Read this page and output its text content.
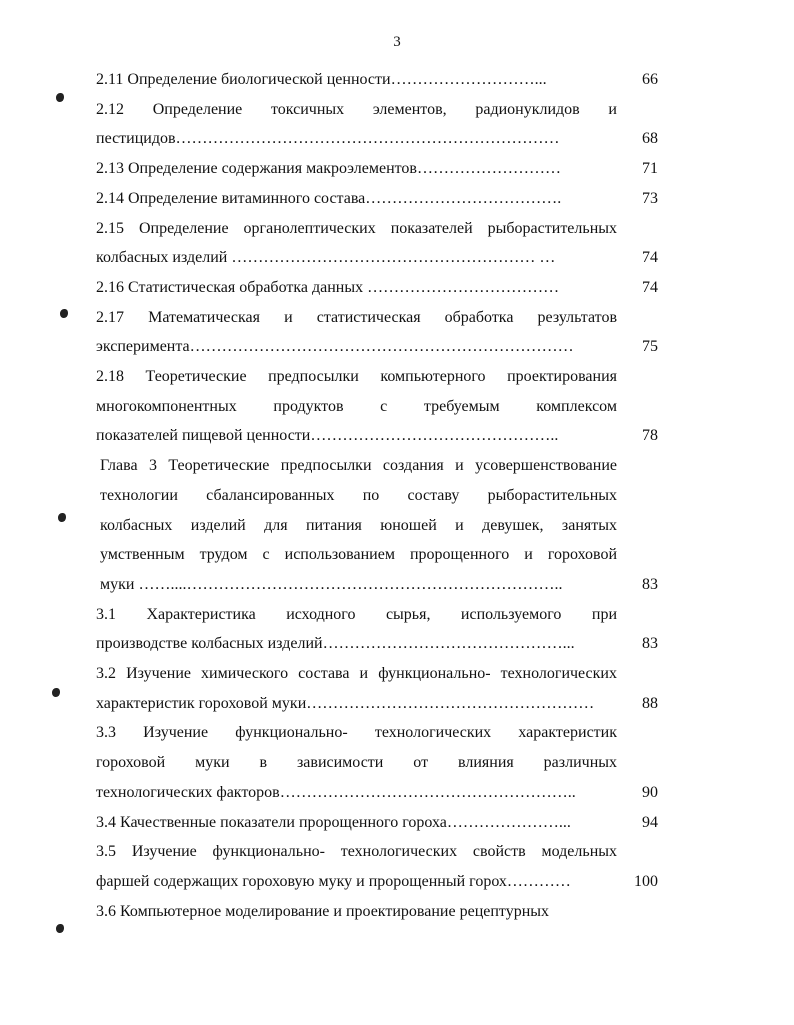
3
2.11 Определение биологической ценности………………………...	66
2.12 Определение токсичных элементов, радионуклидов и
пестицидов………………………………………………………………	68
2.13 Определение содержания макроэлементов………………………	71
2.14 Определение витаминного состава……………………………….	73
2.15 Определение органолептических показателей рыборастительных
колбасных изделий ………………………………………………… …	74
2.16 Статистическая обработка данных ………………………………	74
2.17 Математическая и статистическая обработка результатов
эксперимента………………………………………………………………	75
2.18 Теоретические предпосылки компьютерного проектирования
многокомпонентных продуктов с требуемым комплексом
показателей пищевой ценности………………………………………..	78
Глава 3 Теоретические предпосылки создания и усовершенствование
технологии сбалансированных по составу рыборастительных
колбасных изделий для питания юношей и девушек, занятых
умственным трудом с использованием пророщенного и гороховой
муки ……....……………………………………………………………..	83
3.1 Характеристика исходного сырья, используемого при
производстве колбасных изделий………………………………………...	83
3.2 Изучение химического состава и функционально- технологических
характеристик гороховой муки………………………………………………	88
3.3 Изучение функционально- технологических характеристик
гороховой муки в зависимости от влияния различных
технологических факторов………………………………………………..	90
3.4 Качественные показатели пророщенного гороха…………………...	94
3.5 Изучение функционально- технологических свойств модельных
фаршей содержащих гороховую муку и пророщенный горох…………	100
3.6 Компьютерное моделирование и проектирование рецептурных
